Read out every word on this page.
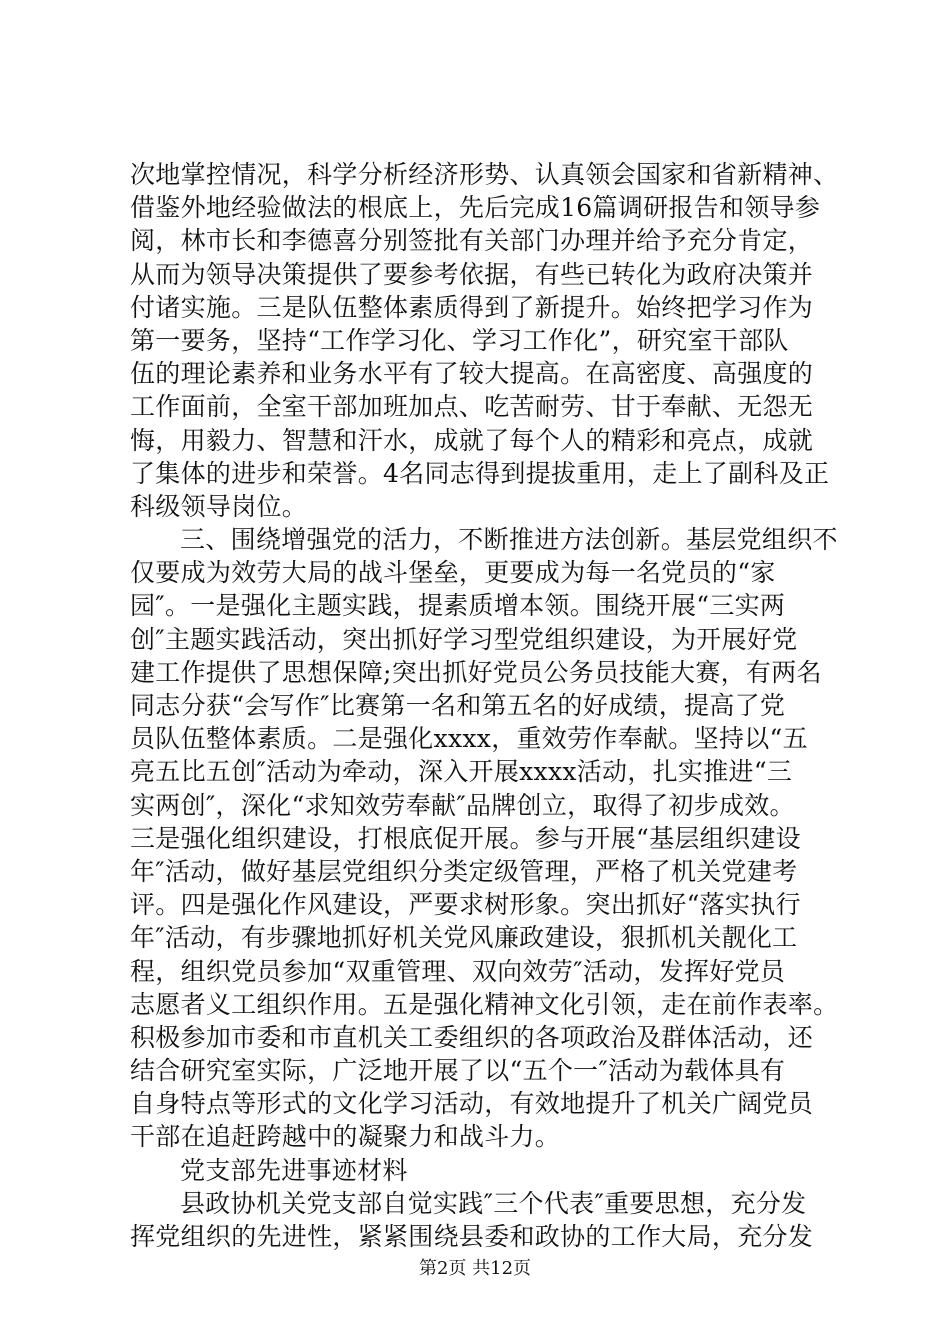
次地掌控情况，科学分析经济形势、认真领会国家和省新精神、
借鉴外地经验做法的根底上，先后完成16篇调研报告和领导参
阅，林市长和李德喜分别签批有关部门办理并给予充分肯定，
从而为领导决策提供了要参考依据，有些已转化为政府决策并
付诸实施。三是队伍整体素质得到了新提升。始终把学习作为
第一要务，坚持“工作学习化、学习工作化”，研究室干部队
伍的理论素养和业务水平有了较大提高。在高密度、高强度的
工作面前，全室干部加班加点、吃苦耐劳、甘于奉献、无怨无
悔，用毅力、智慧和汗水，成就了每个人的精彩和亮点，成就
了集体的进步和荣誉。4名同志得到提拔重用，走上了副科及正
科级领导岗位。
三、围绕增强党的活力，不断推进方法创新。基层党组织不
仅要成为效劳大局的战斗堡垒，更要成为每一名党员的“家
园″。一是强化主题实践，提素质增本领。围绕开展“三实两
创″主题实践活动，突出抓好学习型党组织建设，为开展好党
建工作提供了思想保障;突出抓好党员公务员技能大赛，有两名
同志分获“会写作″比赛第一名和第五名的好成绩，提高了党
员队伍整体素质。二是强化xxxx，重效劳作奉献。坚持以“五
亮五比五创″活动为牵动，深入开展xxxx活动，扎实推进“三
实两创″，深化“求知效劳奉献″品牌创立，取得了初步成效。
三是强化组织建设，打根底促开展。参与开展“基层组织建设
年″活动，做好基层党组织分类定级管理，严格了机关党建考
评。四是强化作风建设，严要求树形象。突出抓好“落实执行
年″活动，有步骤地抓好机关党风廉政建设，狠抓机关靓化工
程，组织党员参加“双重管理、双向效劳″活动，发挥好党员
志愿者义工组织作用。五是强化精神文化引领，走在前作表率。
积极参加市委和市直机关工委组织的各项政治及群体活动，还
结合研究室实际，广泛地开展了以“五个一″活动为载体具有
自身特点等形式的文化学习活动，有效地提升了机关广阔党员
干部在追赶跨越中的凝聚力和战斗力。
党支部先进事迹材料
县政协机关党支部自觉实践″三个代表″重要思想，充分发
挥党组织的先进性，紧紧围绕县委和政协的工作大局，充分发
第2页 共12页
